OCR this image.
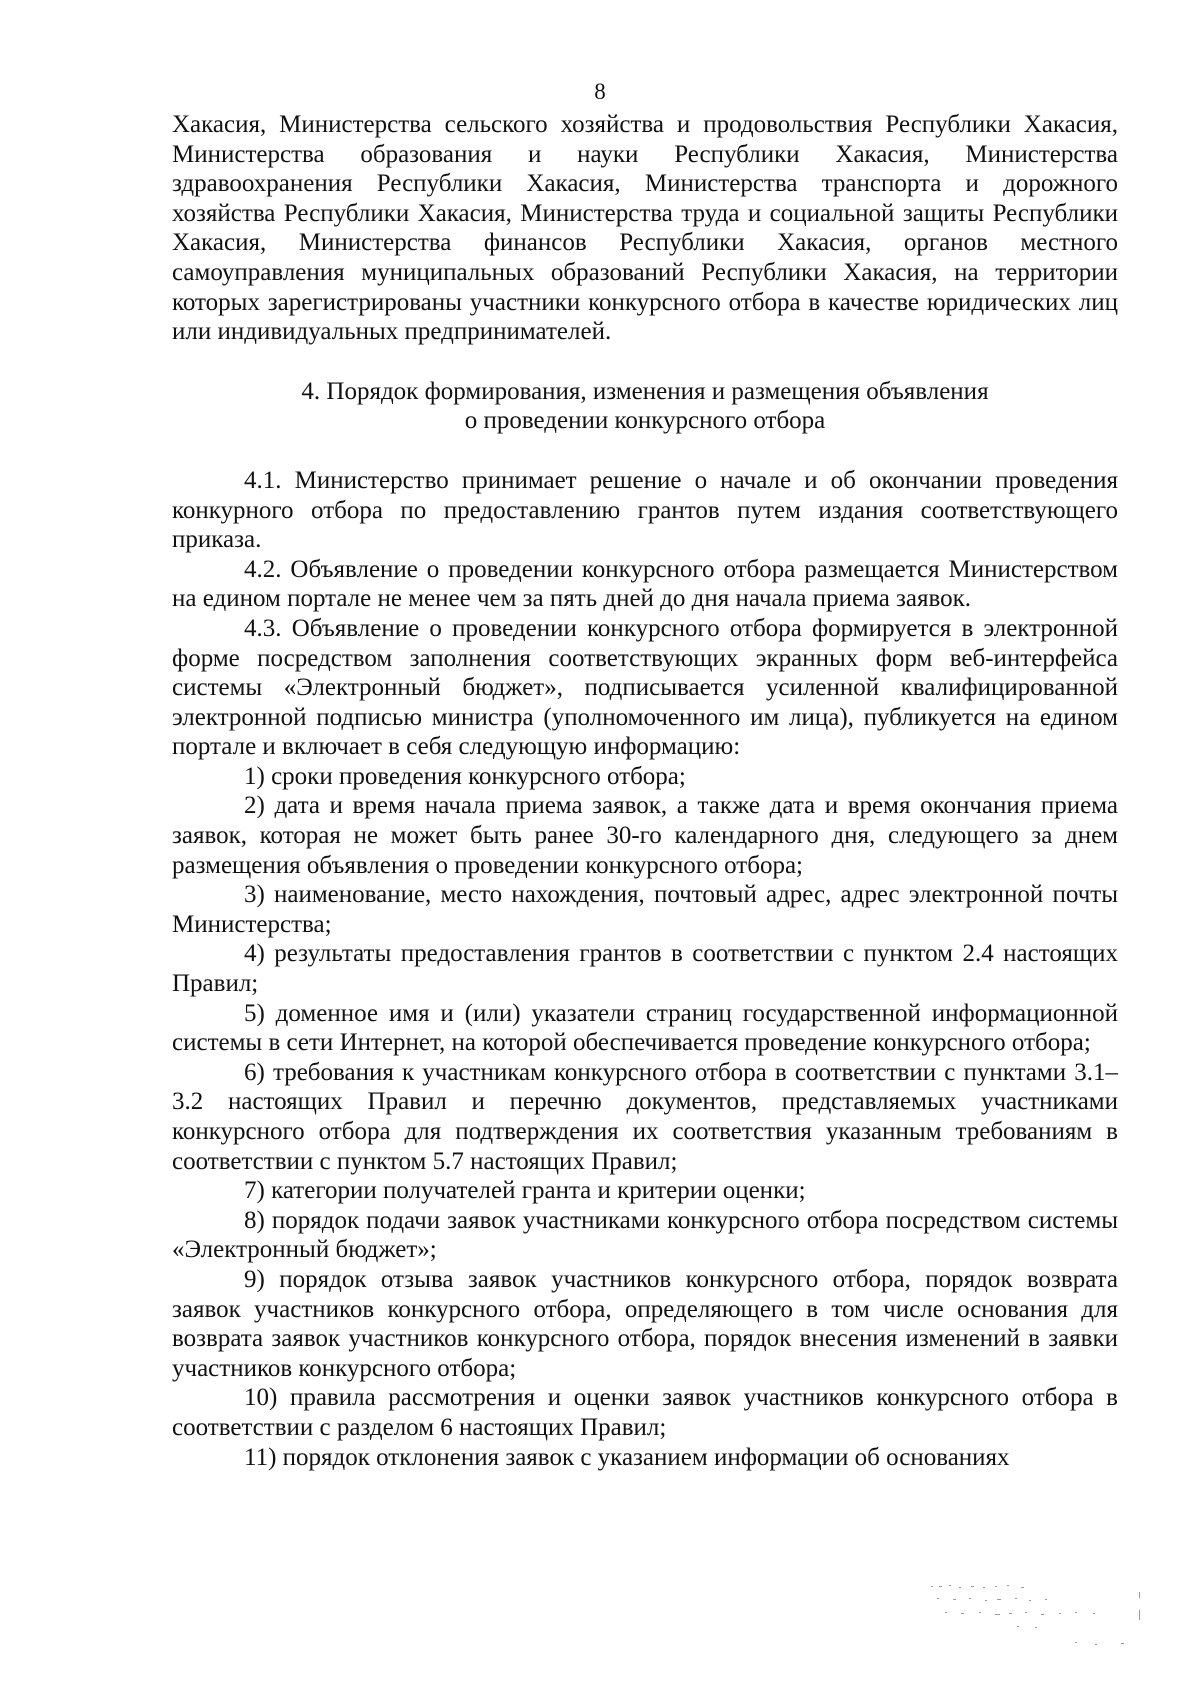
8

Хакасия, Министерства сельского хозяйства и продовольствия Республики Хакасия, Министерства образования и науки Республики Хакасия, Министерства здравоохранения Республики Хакасия, Министерства транспорта и дорожного хозяйства Республики Хакасия, Министерства труда и социальной защиты Республики Хакасия, Министерства финансов Республики Хакасия, органов местного самоуправления муниципальных образований Республики Хакасия, на территории которых зарегистрированы участники конкурсного отбора в качестве юридических лиц или индивидуальных предпринимателей.

4. Порядок формирования, изменения и размещения объявления
о проведении конкурсного отбора

4.1. Министерство принимает решение о начале и об окончании проведения конкурного отбора по предоставлению грантов путем издания соответствующего приказа.

4.2. Объявление о проведении конкурсного отбора размещается Министерством на едином портале не менее чем за пять дней до дня начала приема заявок.

4.3. Объявление о проведении конкурсного отбора формируется в электронной форме посредством заполнения соответствующих экранных форм веб-интерфейса системы «Электронный бюджет», подписывается усиленной квалифицированной электронной подписью министра (уполномоченного им лица), публикуется на едином портале и включает в себя следующую информацию:

1) сроки проведения конкурсного отбора;

2) дата и время начала приема заявок, а также дата и время окончания приема заявок, которая не может быть ранее 30-го календарного дня, следующего за днем размещения объявления о проведении конкурсного отбора;

3) наименование, место нахождения, почтовый адрес, адрес электронной почты Министерства;

4) результаты предоставления грантов в соответствии с пунктом 2.4 настоящих Правил;

5) доменное имя и (или) указатели страниц государственной информационной системы в сети Интернет, на которой обеспечивается проведение конкурсного отбора;

6) требования к участникам конкурсного отбора в соответствии с пунктами 3.1–3.2 настоящих Правил и перечню документов, представляемых участниками конкурсного отбора для подтверждения их соответствия указанным требованиям в соответствии с пунктом 5.7 настоящих Правил;

7) категории получателей гранта и критерии оценки;

8) порядок подачи заявок участниками конкурсного отбора посредством системы «Электронный бюджет»;

9) порядок отзыва заявок участников конкурсного отбора, порядок возврата заявок участников конкурсного отбора, определяющего в том числе основания для возврата заявок участников конкурсного отбора, порядок внесения изменений в заявки участников конкурсного отбора;

10) правила рассмотрения и оценки заявок участников конкурсного отбора в соответствии с разделом 6 настоящих Правил;

11) порядок отклонения заявок с указанием информации об основаниях
